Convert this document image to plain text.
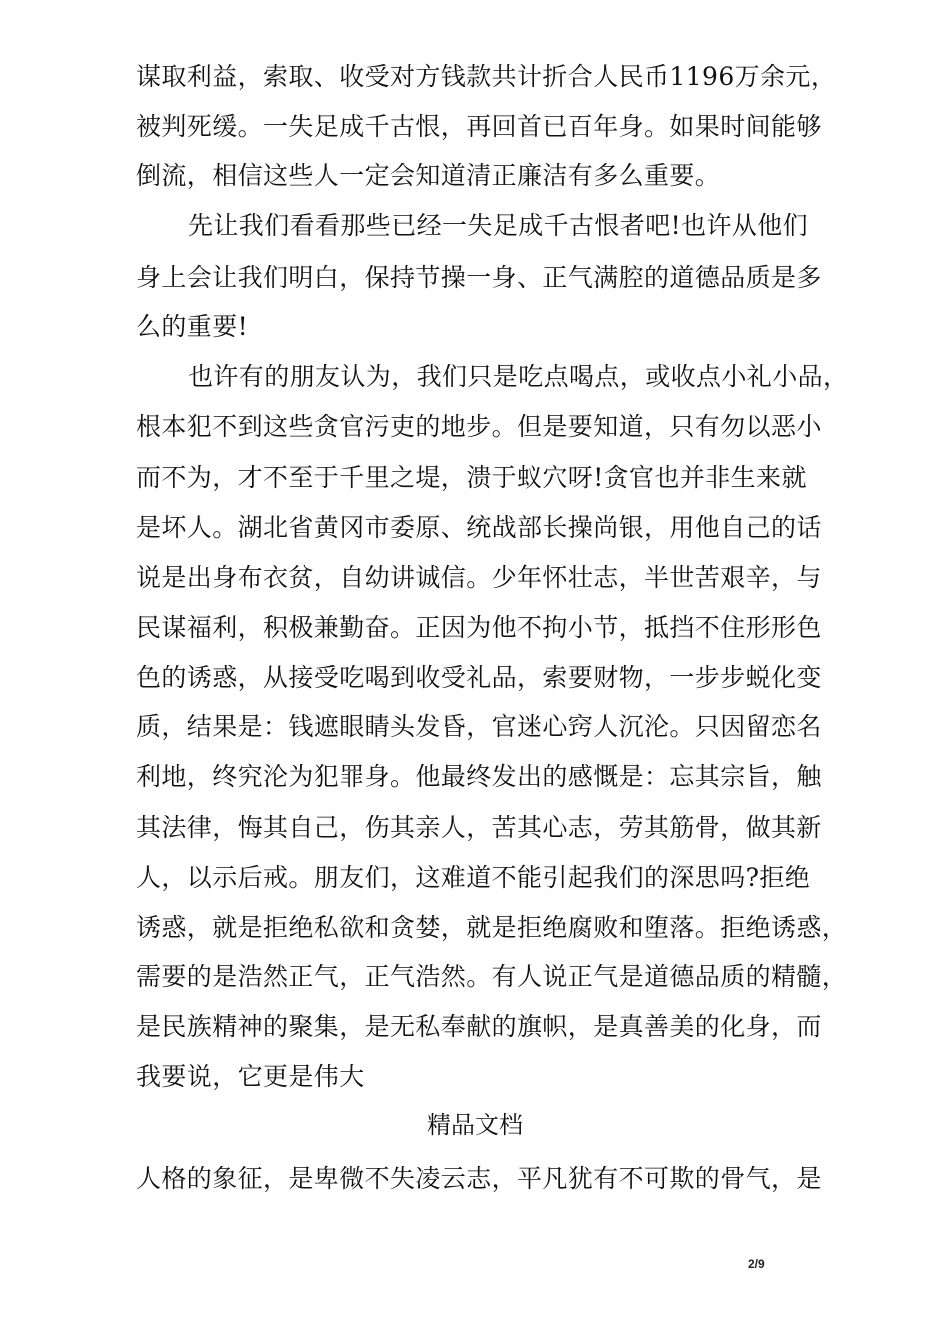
谋取利益，索取、收受对方钱款共计折合人民币1196万余元，
被判死缓。一失足成千古恨，再回首已百年身。如果时间能够
倒流，相信这些人一定会知道清正廉洁有多么重要。
先让我们看看那些已经一失足成千古恨者吧!也许从他们
身上会让我们明白，保持节操一身、正气满腔的道德品质是多
么的重要!
也许有的朋友认为，我们只是吃点喝点，或收点小礼小品，
根本犯不到这些贪官污吏的地步。但是要知道，只有勿以恶小
而不为，才不至于千里之堤，溃于蚁穴呀!贪官也并非生来就
是坏人。湖北省黄冈市委原、统战部长操尚银，用他自己的话
说是出身布衣贫，自幼讲诚信。少年怀壮志，半世苦艰辛，与
民谋福利，积极兼勤奋。正因为他不拘小节，抵挡不住形形色
色的诱惑，从接受吃喝到收受礼品，索要财物，一步步蜕化变
质，结果是：钱遮眼睛头发昏，官迷心窍人沉沦。只因留恋名
利地，终究沦为犯罪身。他最终发出的感慨是：忘其宗旨，触
其法律，悔其自己，伤其亲人，苦其心志，劳其筋骨，做其新
人，以示后戒。朋友们，这难道不能引起我们的深思吗?拒绝
诱惑，就是拒绝私欲和贪婪，就是拒绝腐败和堕落。拒绝诱惑，
需要的是浩然正气，正气浩然。有人说正气是道德品质的精髓，
是民族精神的聚集，是无私奉献的旗帜，是真善美的化身，而
我要说，它更是伟大
精品文档
人格的象征，是卑微不失凌云志，平凡犹有不可欺的骨气，是
2/9
